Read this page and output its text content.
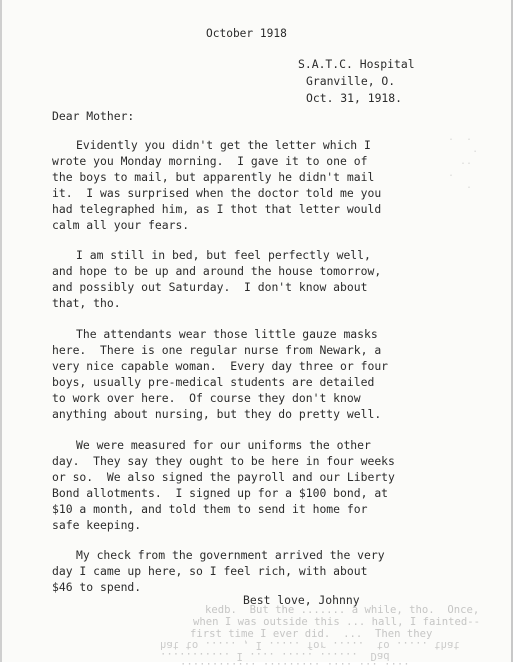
.  .
.
..
.
.

October 1918
S.A.T.C. Hospital
Granville, O.
Oct. 31, 1918.
Dear Mother:
Evidently you didn't get the letter which I
wrote you Monday morning.  I gave it to one of
the boys to mail, but apparently he didn't mail
it.  I was surprised when the doctor told me you
had telegraphed him, as I thot that letter would
calm all your fears.
I am still in bed, but feel perfectly well,
and hope to be up and around the house tomorrow,
and possibly out Saturday.  I don't know about
that, tho.
The attendants wear those little gauze masks
here.  There is one regular nurse from Newark, a
very nice capable woman.  Every day three or four
boys, usually pre-medical students are detailed
to work over here.  Of course they don't know
anything about nursing, but they do pretty well.
We were measured for our uniforms the other
day.  They say they ought to be here in four weeks
or so.  We also signed the payroll and our Liberty
Bond allotments.  I signed up for a $100 bond, at
$10 a month, and told them to send it home for
safe keeping.
My check from the government arrived the very
day I came up here, so I feel rich, with about
$46 to spend.
Best love, Johnny
kedb.  But the ....... a while, tho.  Once,
when I was outside this ... hall, I fainted--
first time I ever did.  ...  Then they
hat to ..... , I ..... for .....  to ..... that
........... I .... ..... ......  Dad
............ ......... .... ... ....
